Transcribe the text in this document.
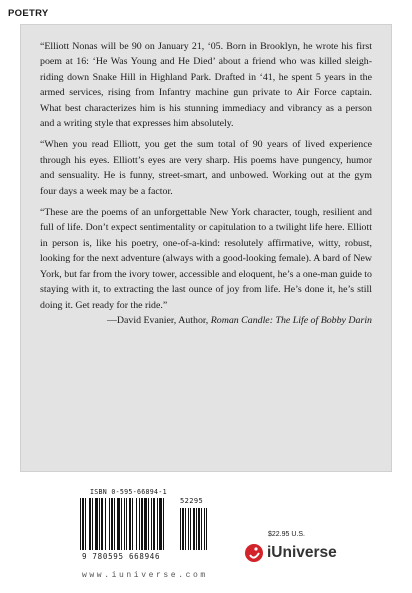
POETRY

“Elliott Nonas will be 90 on January 21, ‘05. Born in Brooklyn, he wrote his first poem at 16: ‘He Was Young and He Died’ about a friend who was killed sleigh-riding down Snake Hill in Highland Park. Drafted in ‘41, he spent 5 years in the armed services, rising from Infantry machine gun private to Air Force captain. What best characterizes him is his stunning immediacy and vibrancy as a person and a writing style that expresses him absolutely.

“When you read Elliott, you get the sum total of 90 years of lived experience through his eyes. Elliott’s eyes are very sharp. His poems have pungency, humor and sensuality. He is funny, street-smart, and unbowed. Working out at the gym four days a week may be a factor.

“These are the poems of an unforgettable New York character, tough, resilient and full of life. Don’t expect sentimentality or capitulation to a twilight life here. Elliott in person is, like his poetry, one-of-a-kind: resolutely affirmative, witty, robust, looking for the next adventure (always with a good-looking female). A bard of New York, but far from the ivory tower, accessible and eloquent, he’s a one-man guide to staying with it, to extracting the last ounce of joy from life. He’s done it, he’s still doing it. Get ready for the ride.”

—David Evanier, Author, Roman Candle: The Life of Bobby Darin

ISBN 0-595-66894-1
52295
9 780595 668946
www.iuniverse.com
$22.95 U.S.
iUniverse
